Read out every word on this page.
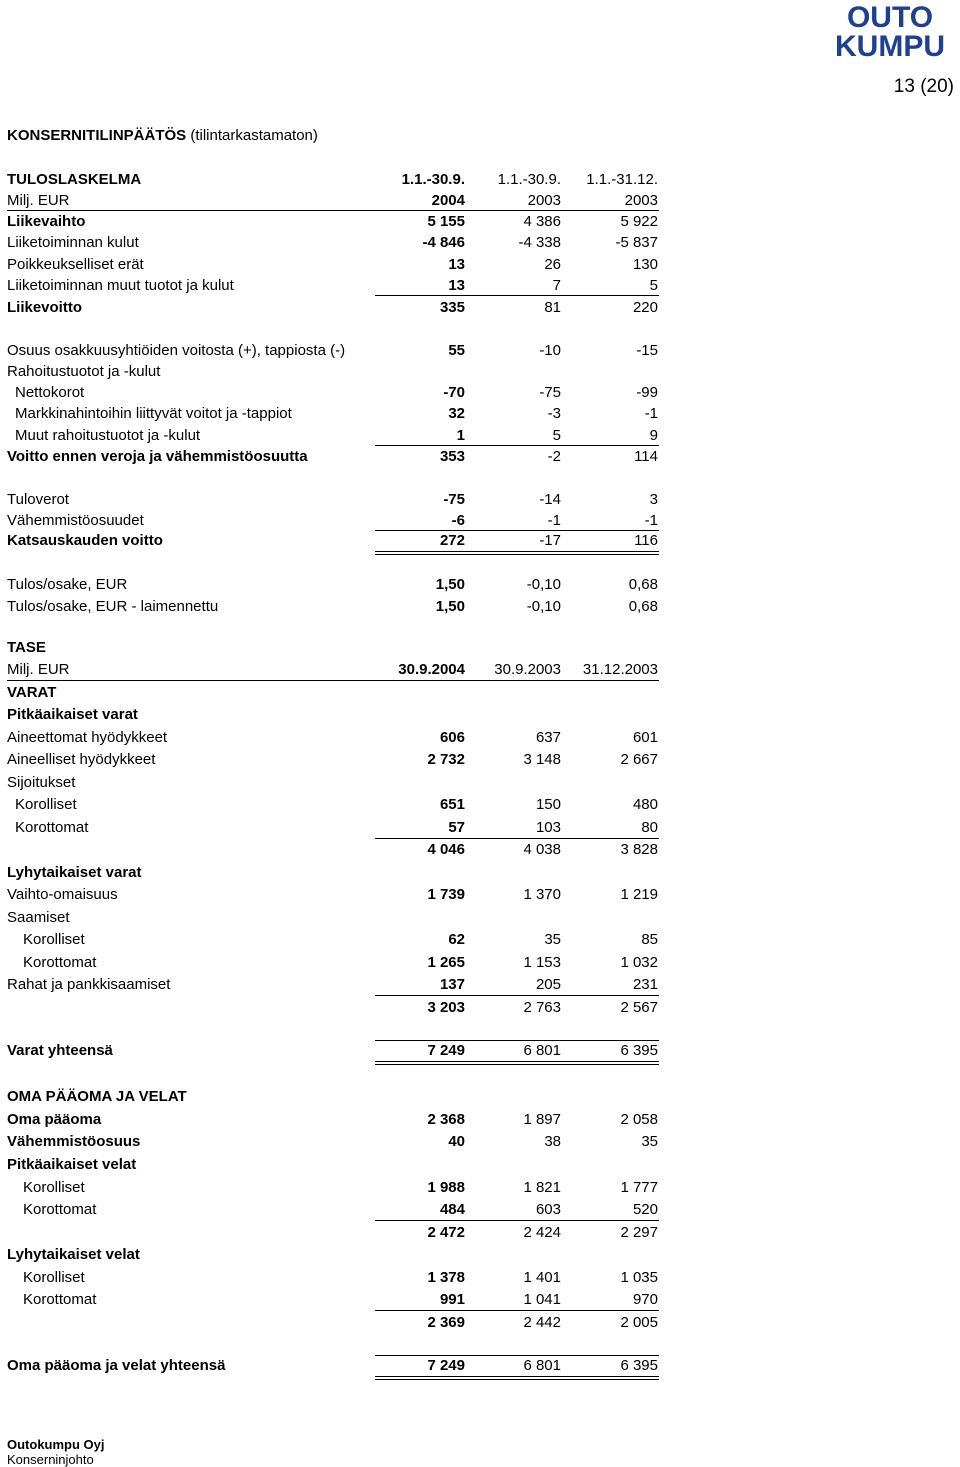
OUTO
KUMPU
13 (20)
KONSERNITILINPÄÄTÖS (tilintarkastamaton)
TULOSLASKELMA	1.1.-30.9.	1.1.-30.9.	1.1.-31.12.
Milj. EUR	2004	2003	2003
Liikevaihto	5 155	4 386	5 922
Liiketoiminnan kulut	-4 846	-4 338	-5 837
Poikkeukselliset erät	13	26	130
Liiketoiminnan muut tuotot ja kulut	13	7	5
Liikevoitto	335	81	220
Osuus osakkuusyhtiöiden voitosta (+), tappiosta (-)	55	-10	-15
Rahoitustuotot ja -kulut
Nettokorot	-70	-75	-99
Markkinahintoihin liittyvät voitot ja -tappiot	32	-3	-1
Muut rahoitustuotot ja -kulut	1	5	9
Voitto ennen veroja ja vähemmistöosuutta	353	-2	114
Tuloverot	-75	-14	3
Vähemmistöosuudet	-6	-1	-1
Katsauskauden voitto	272	-17	116
Tulos/osake, EUR	1,50	-0,10	0,68
Tulos/osake, EUR - laimennettu	1,50	-0,10	0,68
TASE
Milj. EUR	30.9.2004	30.9.2003	31.12.2003
VARAT
Pitkäaikaiset varat
Aineettomat hyödykkeet	606	637	601
Aineelliset hyödykkeet	2 732	3 148	2 667
Sijoitukset
Korolliset	651	150	480
Korottomat	57	103	80
4 046	4 038	3 828
Lyhytaikaiset varat
Vaihto-omaisuus	1 739	1 370	1 219
Saamiset
Korolliset	62	35	85
Korottomat	1 265	1 153	1 032
Rahat ja pankkisaamiset	137	205	231
3 203	2 763	2 567
Varat yhteensä	7 249	6 801	6 395
OMA PÄÄOMA JA VELAT
Oma pääoma	2 368	1 897	2 058
Vähemmistöosuus	40	38	35
Pitkäaikaiset velat
Korolliset	1 988	1 821	1 777
Korottomat	484	603	520
2 472	2 424	2 297
Lyhytaikaiset velat
Korolliset	1 378	1 401	1 035
Korottomat	991	1 041	970
2 369	2 442	2 005
Oma pääoma ja velat yhteensä	7 249	6 801	6 395
Outokumpu Oyj
Konserninjohto
